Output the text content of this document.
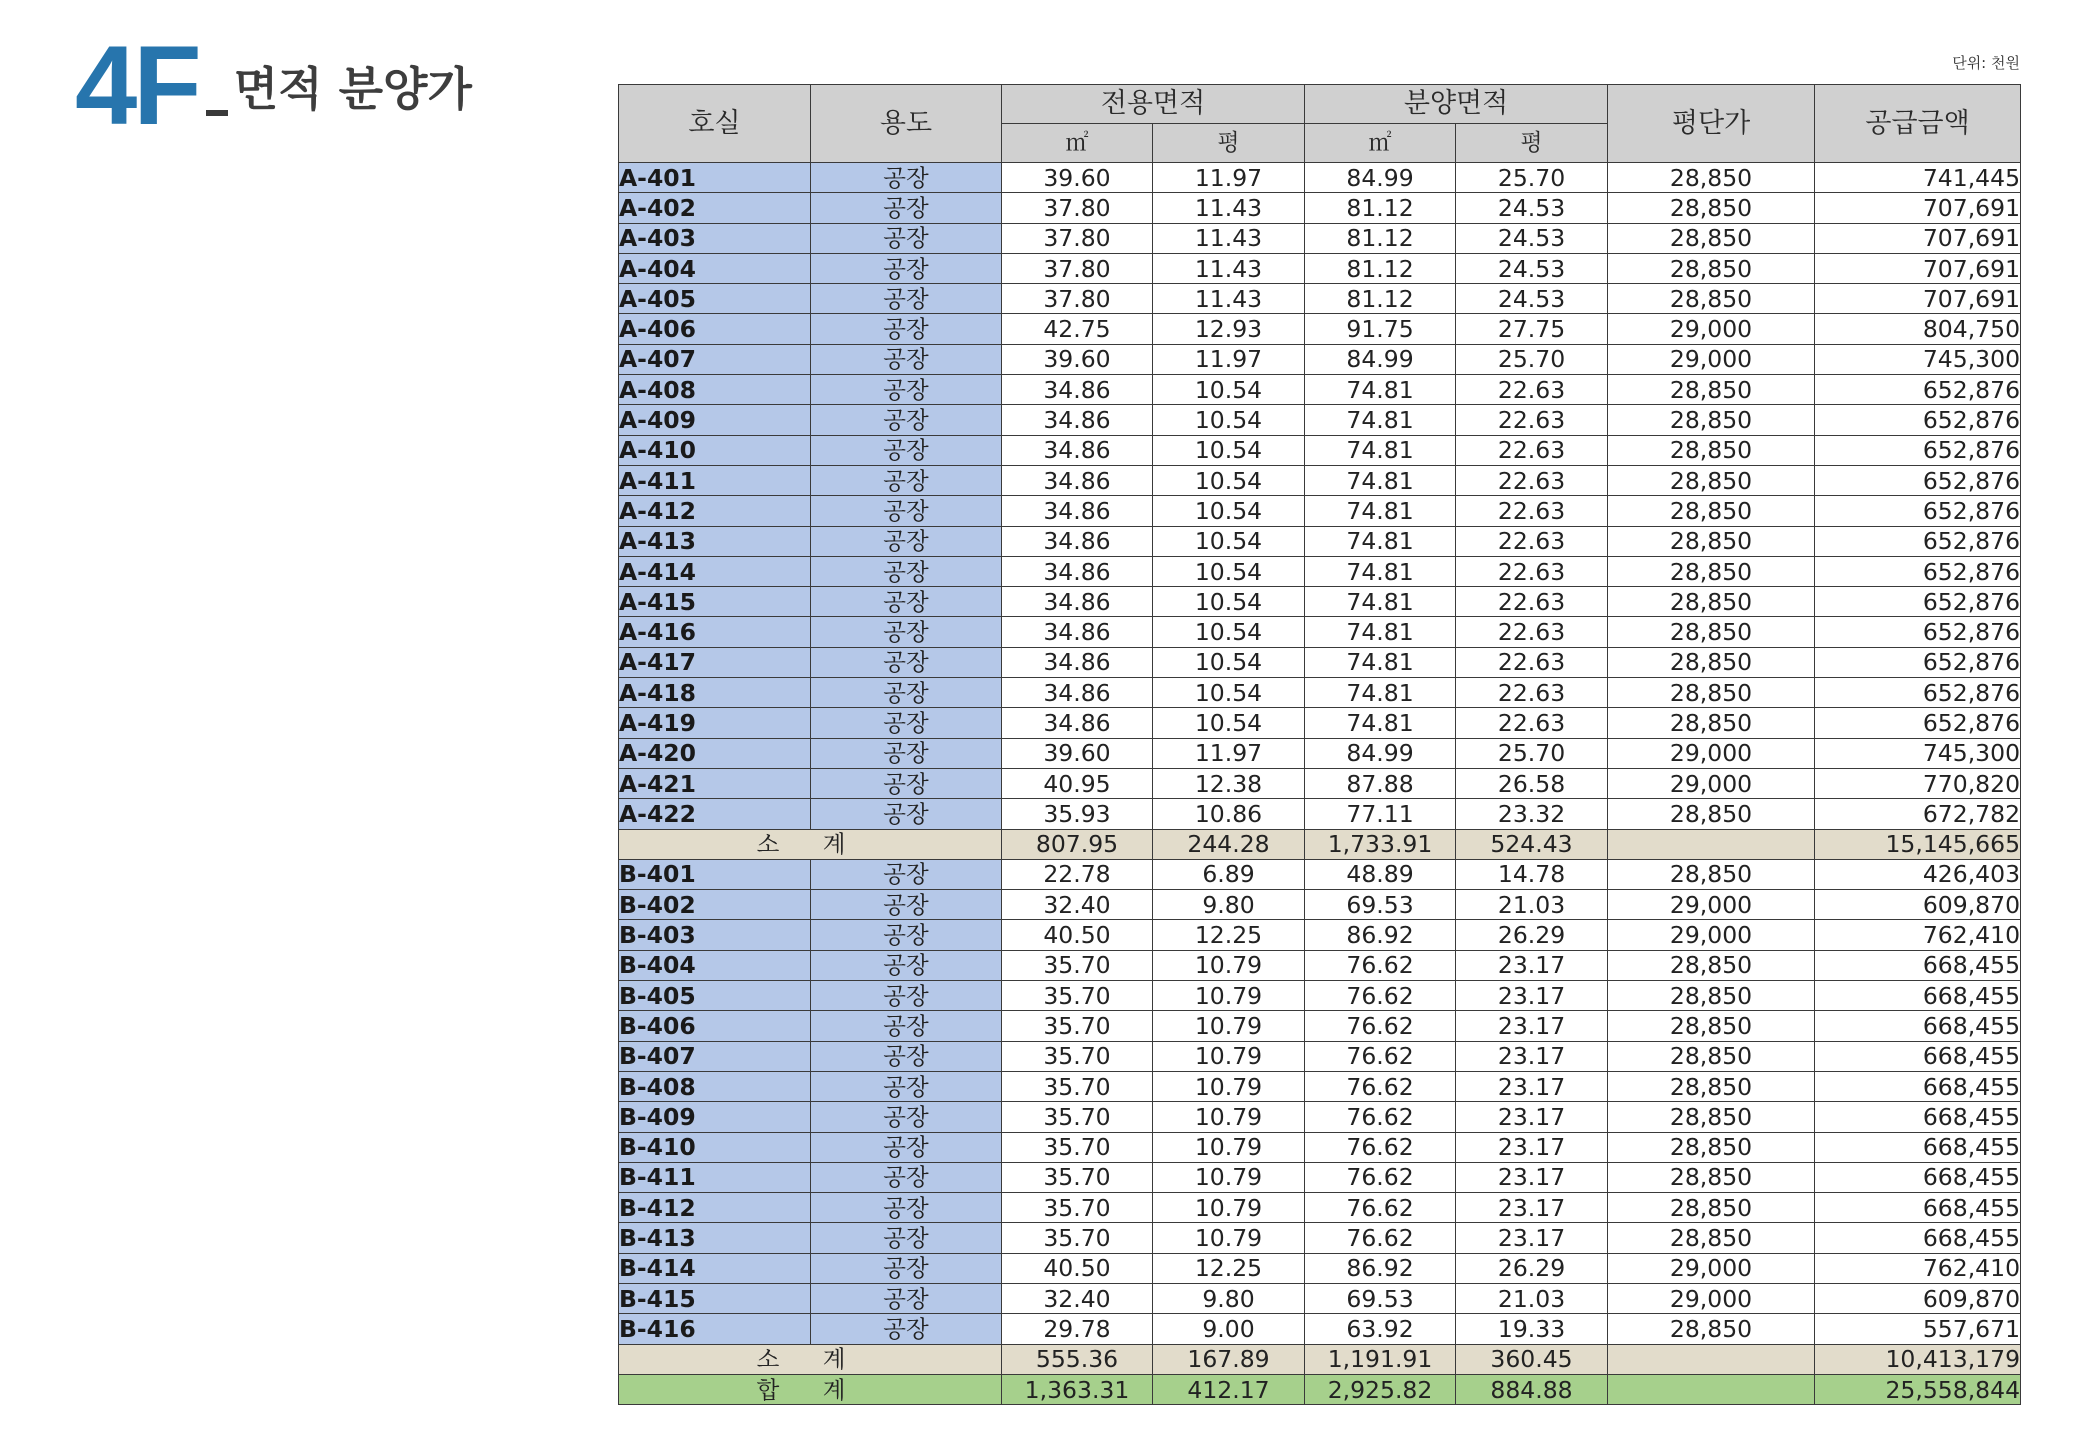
4F 면적 분양가	단위: 천원
호실	용도	전용면적		분양면적		평단가	공급금액
		㎡	평	㎡	평		
A-401	공장	39.60	11.97	84.99	25.70	28,850	741,445
A-402	공장	37.80	11.43	81.12	24.53	28,850	707,691
A-403	공장	37.80	11.43	81.12	24.53	28,850	707,691
A-404	공장	37.80	11.43	81.12	24.53	28,850	707,691
A-405	공장	37.80	11.43	81.12	24.53	28,850	707,691
A-406	공장	42.75	12.93	91.75	27.75	29,000	804,750
A-407	공장	39.60	11.97	84.99	25.70	29,000	745,300
A-408	공장	34.86	10.54	74.81	22.63	28,850	652,876
A-409	공장	34.86	10.54	74.81	22.63	28,850	652,876
A-410	공장	34.86	10.54	74.81	22.63	28,850	652,876
A-411	공장	34.86	10.54	74.81	22.63	28,850	652,876
A-412	공장	34.86	10.54	74.81	22.63	28,850	652,876
A-413	공장	34.86	10.54	74.81	22.63	28,850	652,876
A-414	공장	34.86	10.54	74.81	22.63	28,850	652,876
A-415	공장	34.86	10.54	74.81	22.63	28,850	652,876
A-416	공장	34.86	10.54	74.81	22.63	28,850	652,876
A-417	공장	34.86	10.54	74.81	22.63	28,850	652,876
A-418	공장	34.86	10.54	74.81	22.63	28,850	652,876
A-419	공장	34.86	10.54	74.81	22.63	28,850	652,876
A-420	공장	39.60	11.97	84.99	25.70	29,000	745,300
A-421	공장	40.95	12.38	87.88	26.58	29,000	770,820
A-422	공장	35.93	10.86	77.11	23.32	28,850	672,782
소 계		807.95	244.28	1,733.91	524.43		15,145,665
B-401	공장	22.78	6.89	48.89	14.78	28,850	426,403
B-402	공장	32.40	9.80	69.53	21.03	29,000	609,870
B-403	공장	40.50	12.25	86.92	26.29	29,000	762,410
B-404	공장	35.70	10.79	76.62	23.17	28,850	668,455
B-405	공장	35.70	10.79	76.62	23.17	28,850	668,455
B-406	공장	35.70	10.79	76.62	23.17	28,850	668,455
B-407	공장	35.70	10.79	76.62	23.17	28,850	668,455
B-408	공장	35.70	10.79	76.62	23.17	28,850	668,455
B-409	공장	35.70	10.79	76.62	23.17	28,850	668,455
B-410	공장	35.70	10.79	76.62	23.17	28,850	668,455
B-411	공장	35.70	10.79	76.62	23.17	28,850	668,455
B-412	공장	35.70	10.79	76.62	23.17	28,850	668,455
B-413	공장	35.70	10.79	76.62	23.17	28,850	668,455
B-414	공장	40.50	12.25	86.92	26.29	29,000	762,410
B-415	공장	32.40	9.80	69.53	21.03	29,000	609,870
B-416	공장	29.78	9.00	63.92	19.33	28,850	557,671
소 계		555.36	167.89	1,191.91	360.45		10,413,179
합 계		1,363.31	412.17	2,925.82	884.88		25,558,844
